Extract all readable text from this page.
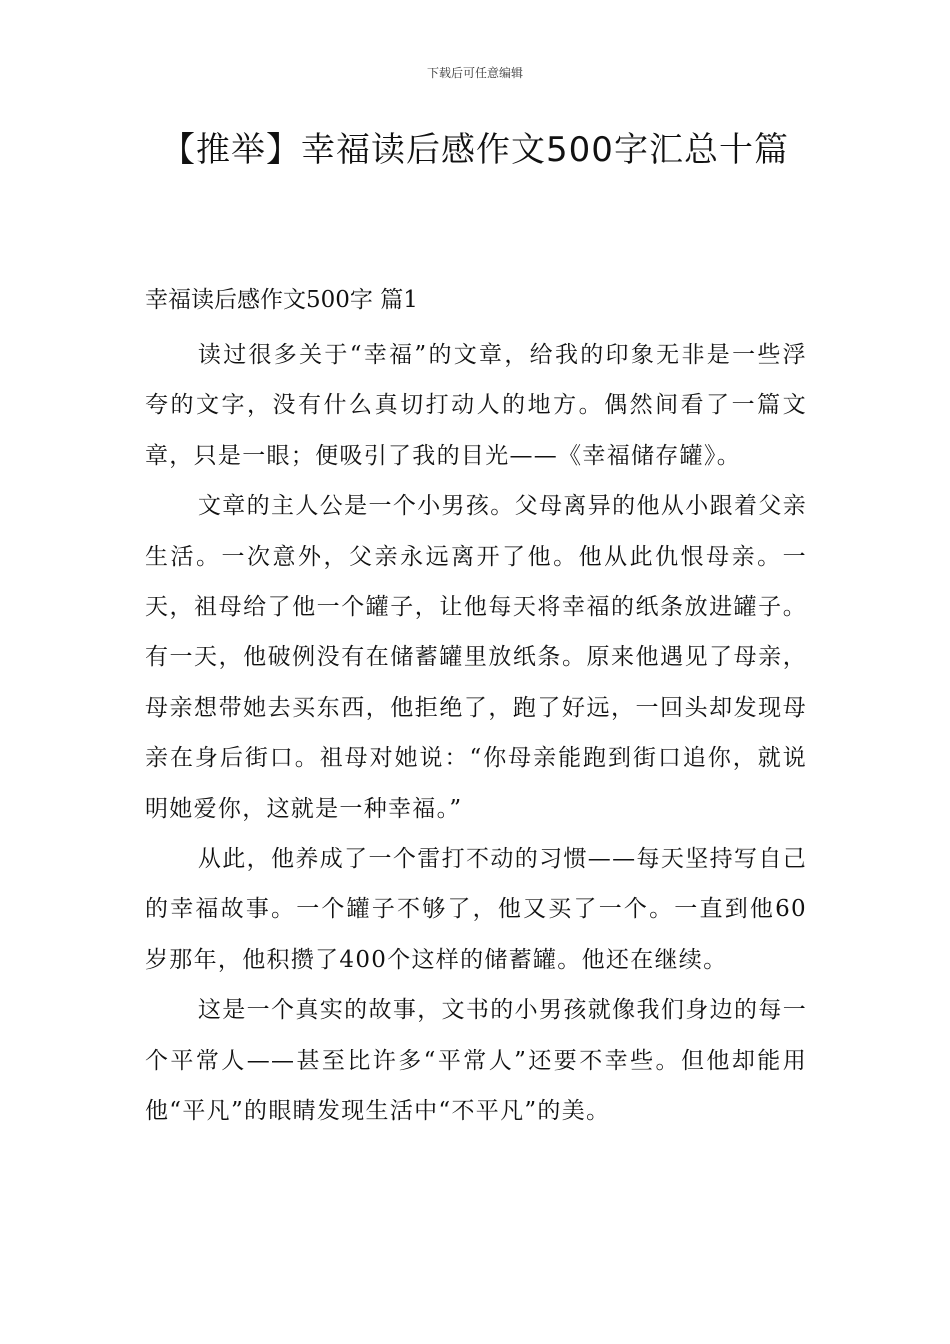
下载后可任意编辑
【推举】幸福读后感作文500字汇总十篇

幸福读后感作文500字 篇1

读过很多关于“幸福”的文章，给我的印象无非是一些浮夸的文字，没有什么真切打动人的地方。偶然间看了一篇文章，只是一眼；便吸引了我的目光——《幸福储存罐》。

文章的主人公是一个小男孩。父母离异的他从小跟着父亲生活。一次意外，父亲永远离开了他。他从此仇恨母亲。一天，祖母给了他一个罐子，让他每天将幸福的纸条放进罐子。有一天，他破例没有在储蓄罐里放纸条。原来他遇见了母亲，母亲想带她去买东西，他拒绝了，跑了好远，一回头却发现母亲在身后街口。祖母对她说：“你母亲能跑到街口追你，就说明她爱你，这就是一种幸福。”

从此，他养成了一个雷打不动的习惯——每天坚持写自己的幸福故事。一个罐子不够了，他又买了一个。一直到他60岁那年，他积攒了400个这样的储蓄罐。他还在继续。

这是一个真实的故事，文书的小男孩就像我们身边的每一个平常人——甚至比许多“平常人”还要不幸些。但他却能用他“平凡”的眼睛发现生活中“不平凡”的美。
